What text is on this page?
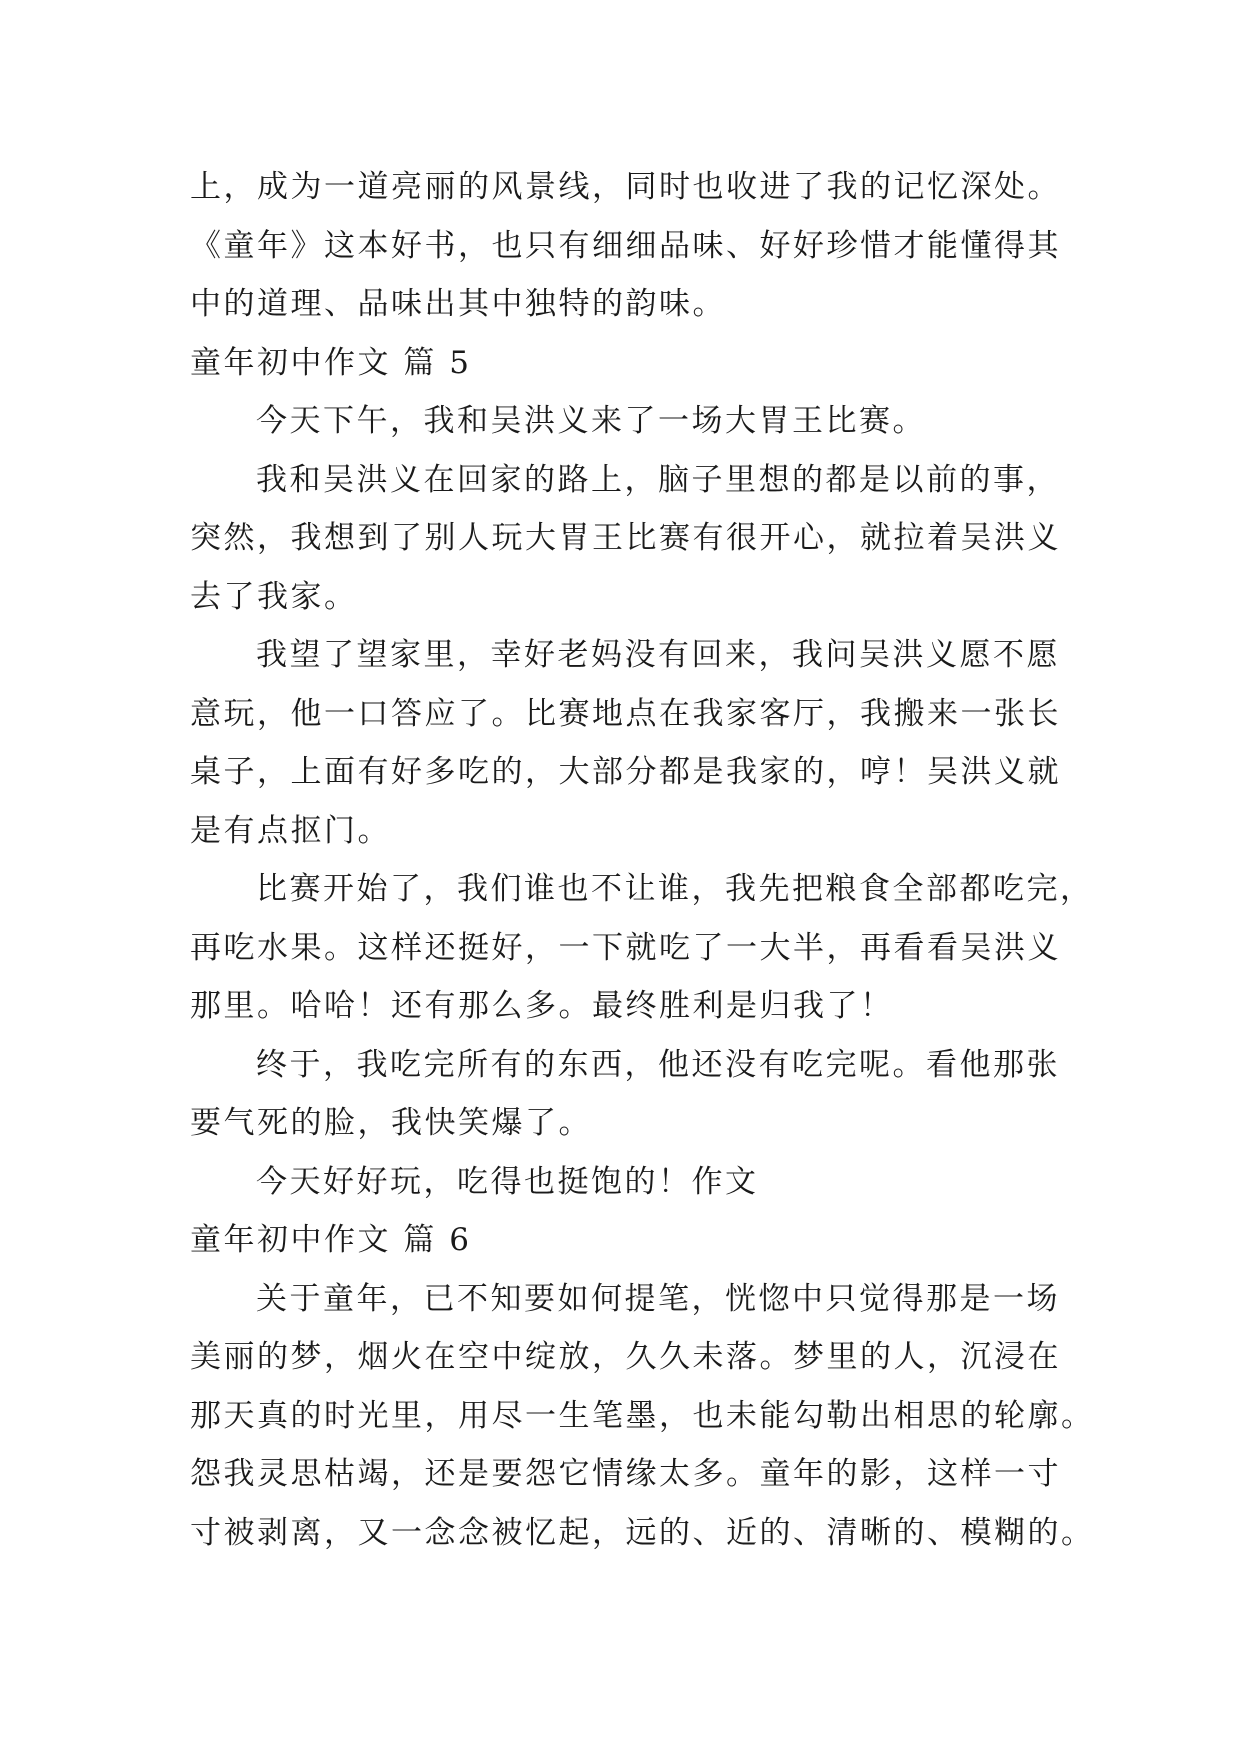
上，成为一道亮丽的风景线，同时也收进了我的记忆深处。
《童年》这本好书，也只有细细品味、好好珍惜才能懂得其
中的道理、品味出其中独特的韵味。
童年初中作文 篇 5
今天下午，我和吴洪义来了一场大胃王比赛。
我和吴洪义在回家的路上，脑子里想的都是以前的事，
突然，我想到了别人玩大胃王比赛有很开心，就拉着吴洪义
去了我家。
我望了望家里，幸好老妈没有回来，我问吴洪义愿不愿
意玩，他一口答应了。比赛地点在我家客厅，我搬来一张长
桌子，上面有好多吃的，大部分都是我家的，哼！吴洪义就
是有点抠门。
比赛开始了，我们谁也不让谁，我先把粮食全部都吃完，
再吃水果。这样还挺好，一下就吃了一大半，再看看吴洪义
那里。哈哈！还有那么多。最终胜利是归我了！
终于，我吃完所有的东西，他还没有吃完呢。看他那张
要气死的脸，我快笑爆了。
今天好好玩，吃得也挺饱的！作文
童年初中作文 篇 6
关于童年，已不知要如何提笔，恍惚中只觉得那是一场
美丽的梦，烟火在空中绽放，久久未落。梦里的人，沉浸在
那天真的时光里，用尽一生笔墨，也未能勾勒出相思的轮廓。
怨我灵思枯竭，还是要怨它情缘太多。童年的影，这样一寸
寸被剥离，又一念念被忆起，远的、近的、清晰的、模糊的。
